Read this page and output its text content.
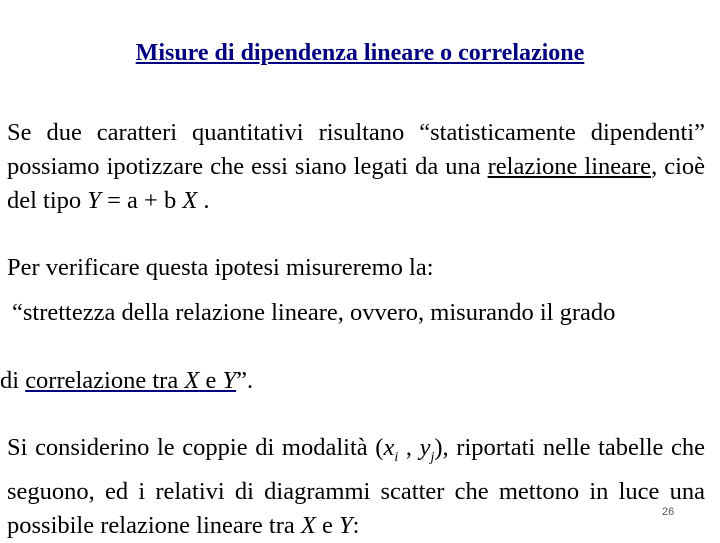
Misure di dipendenza lineare o correlazione
Se due caratteri quantitativi risultano “statisticamente dipendenti” possiamo ipotizzare che essi siano legati da una relazione lineare, cioè del tipo Y = a + b X .
Per verificare questa ipotesi misureremo la:
“strettezza della relazione lineare, ovvero, misurando il grado
di correlazione tra X e Y”.
Si considerino le coppie di modalità ($x_i$ , $y_j$), riportati nelle tabelle che seguono, ed i relativi di diagrammi scatter che mettono in luce una possibile relazione lineare tra X e Y:	26
